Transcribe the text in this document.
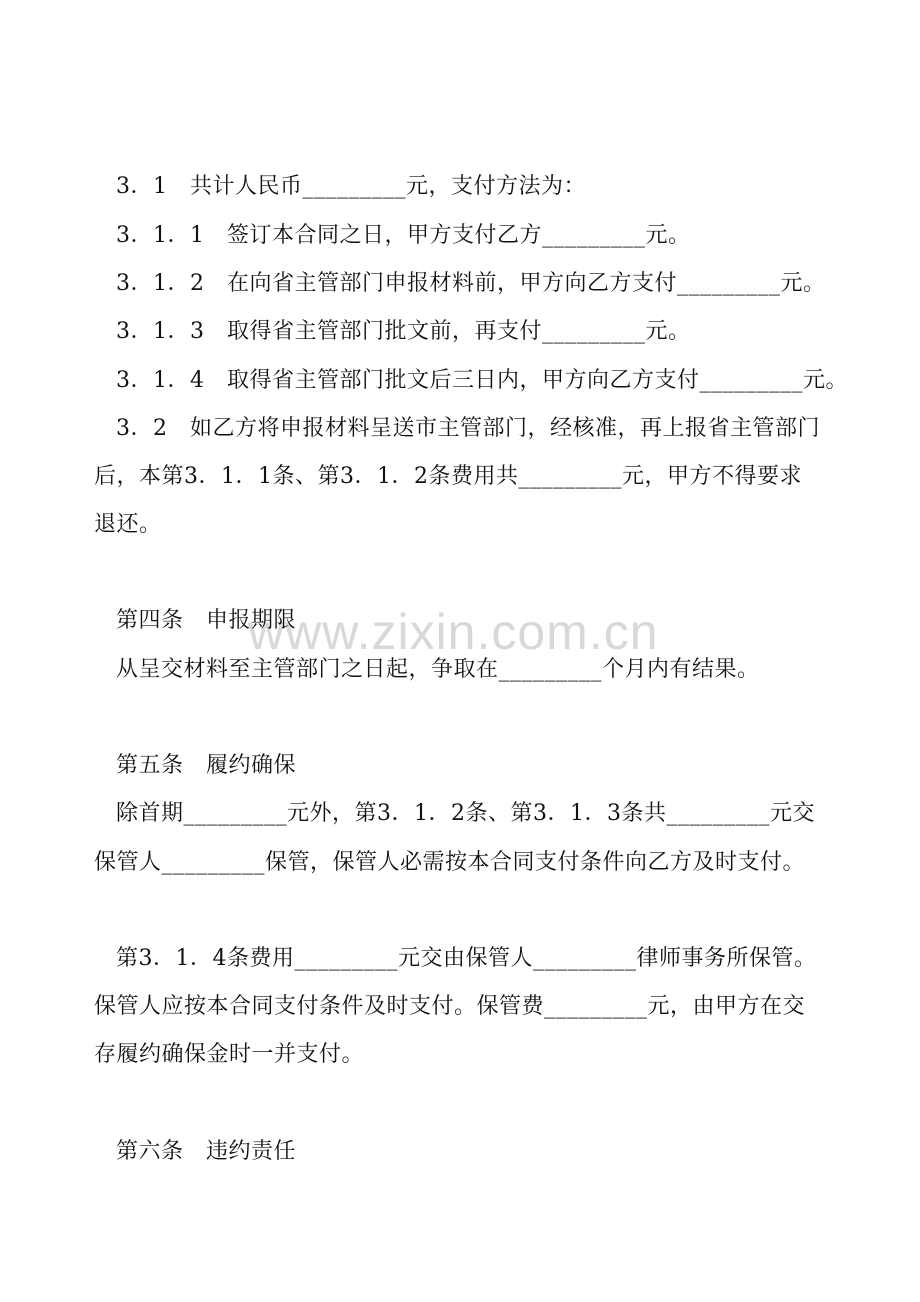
www.zixin.com.cn
3．1　共计人民币_________元，支付方法为：
3．1．1　签订本合同之日，甲方支付乙方_________元。
3．1．2　在向省主管部门申报材料前，甲方向乙方支付_________元。
3．1．3　取得省主管部门批文前，再支付_________元。
3．1．4　取得省主管部门批文后三日内，甲方向乙方支付_________元。
3．2　如乙方将申报材料呈送市主管部门，经核准，再上报省主管部门
后，本第3．1．1条、第3．1．2条费用共_________元，甲方不得要求
退还。
第四条　申报期限
从呈交材料至主管部门之日起，争取在_________个月内有结果。
第五条　履约确保
除首期_________元外，第3．1．2条、第3．1．3条共_________元交
保管人_________保管，保管人必需按本合同支付条件向乙方及时支付。
第3．1．4条费用_________元交由保管人_________律师事务所保管。
保管人应按本合同支付条件及时支付。保管费_________元，由甲方在交
存履约确保金时一并支付。
第六条　违约责任
